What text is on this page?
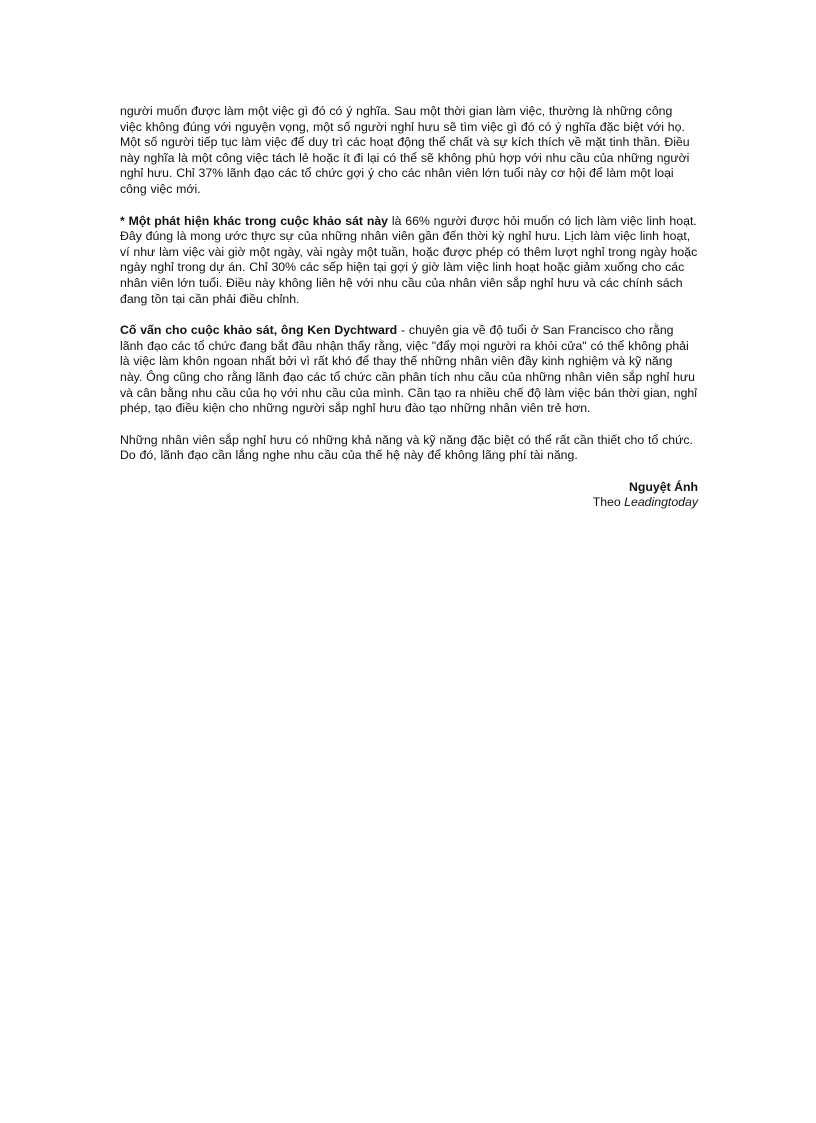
người muốn được làm một việc gì đó có ý nghĩa. Sau một thời gian làm việc, thường là những công việc không đúng với nguyện vọng, một số người nghỉ hưu sẽ tìm việc gì đó có ý nghĩa đặc biệt với họ. Một số người tiếp tục làm việc để duy trì các hoạt động thể chất và sự kích thích về mặt tinh thần. Điều này nghĩa là một công việc tách lẻ hoặc ít đi lại có thể sẽ không phù hợp với nhu cầu của những người nghỉ hưu. Chỉ 37% lãnh đạo các tổ chức gợi ý cho các nhân viên lớn tuổi này cơ hội để làm một loại công việc mới.

* Một phát hiện khác trong cuộc khảo sát này là 66% người được hỏi muốn có lịch làm việc linh hoạt. Đây đúng là mong ước thực sự của những nhân viên gần đến thời kỳ nghỉ hưu. Lịch làm việc linh hoạt, ví như làm việc vài giờ một ngày, vài ngày một tuần, hoặc được phép có thêm lượt nghỉ trong ngày hoặc ngày nghỉ trong dự án. Chỉ 30% các sếp hiện tại gợi ý giờ làm việc linh hoạt hoặc giảm xuống cho các nhân viên lớn tuổi. Điều này không liên hệ với nhu cầu của nhân viên sắp nghỉ hưu và các chính sách đang tồn tại cần phải điều chỉnh.

Cố vấn cho cuộc khảo sát, ông Ken Dychtward - chuyên gia về độ tuổi ở San Francisco cho rằng lãnh đạo các tổ chức đang bắt đầu nhận thấy rằng, việc "đẩy mọi người ra khỏi cửa" có thể không phải là việc làm khôn ngoan nhất bởi vì rất khó để thay thế những nhân viên đầy kinh nghiệm và kỹ năng này. Ông cũng cho rằng lãnh đạo các tổ chức cần phân tích nhu cầu của những nhân viên sắp nghỉ hưu và cân bằng nhu cầu của họ với nhu cầu của mình. Cần tạo ra nhiều chế độ làm việc bán thời gian, nghỉ phép, tạo điều kiện cho những người sắp nghỉ hưu đào tạo những nhân viên trẻ hơn.

Những nhân viên sắp nghỉ hưu có những khả năng và kỹ năng đặc biệt có thể rất cần thiết cho tổ chức. Do đó, lãnh đạo cần lắng nghe nhu cầu của thế hệ này để không lãng phí tài năng.

Nguyệt Ánh
Theo Leadingtoday
